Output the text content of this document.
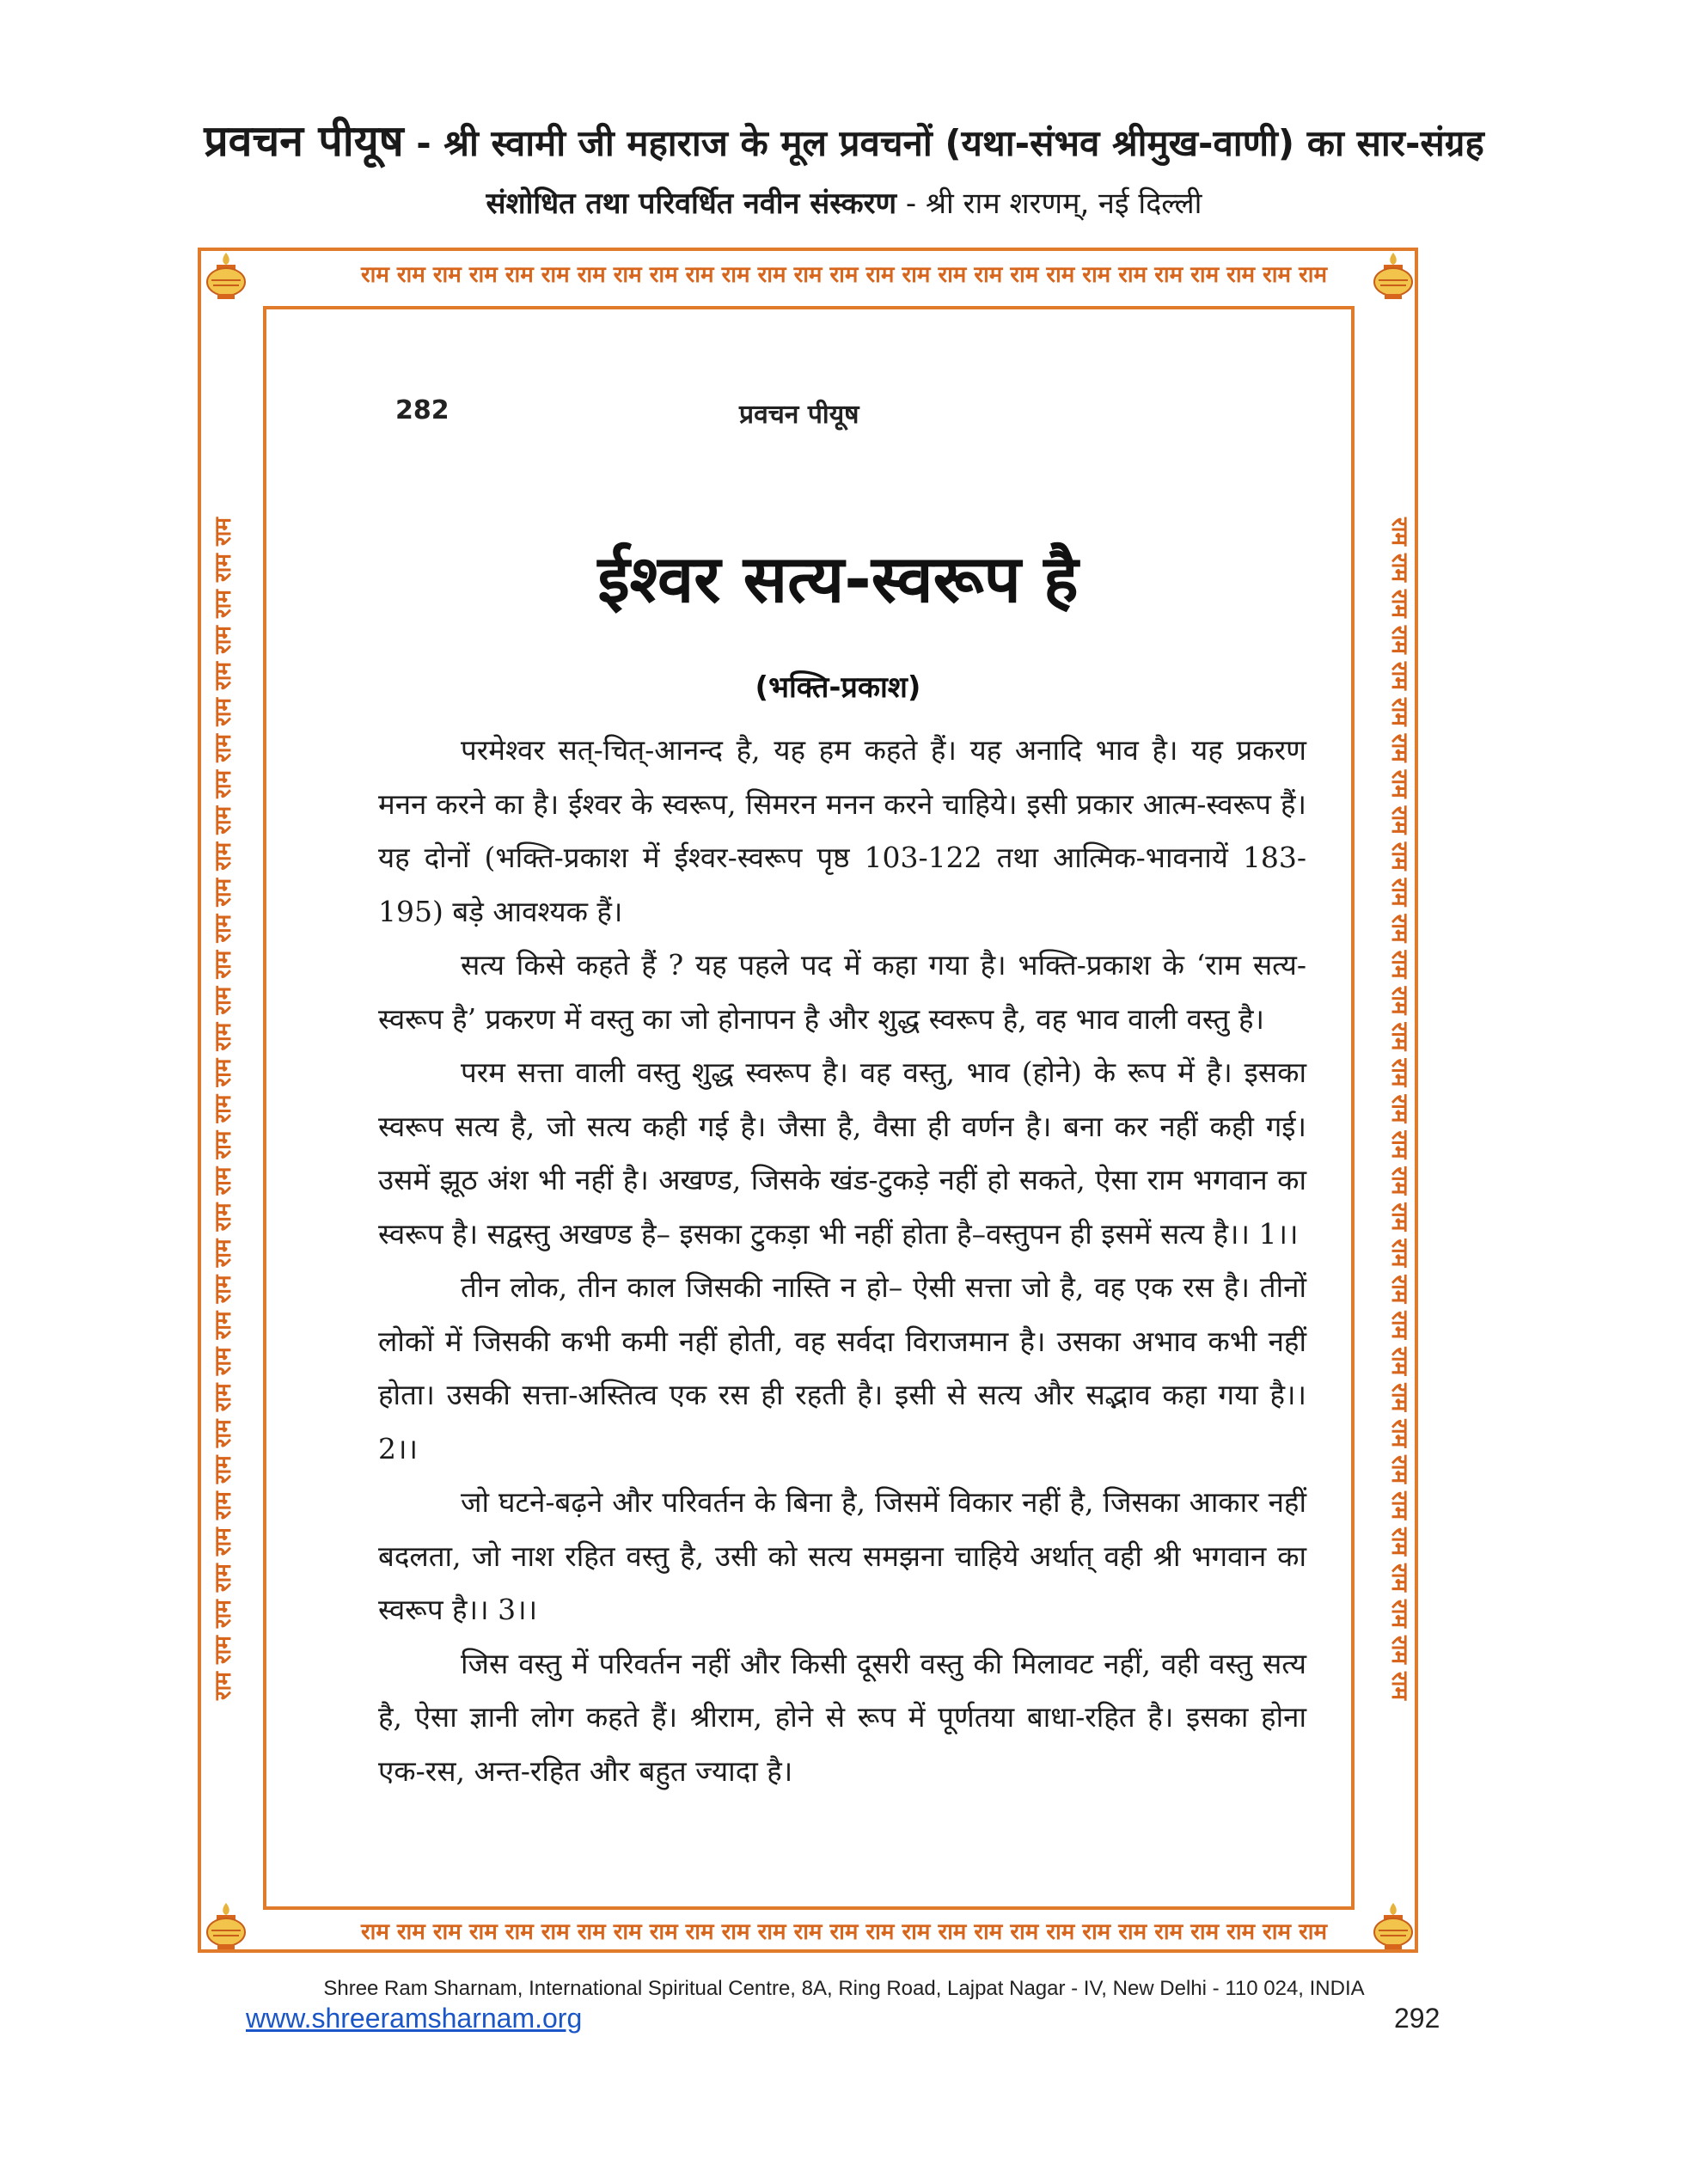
प्रवचन पीयूष - श्री स्वामी जी महाराज के मूल प्रवचनों (यथा-संभव श्रीमुख-वाणी) का सार-संग्रह
संशोधित तथा परिवर्धित नवीन संस्करण - श्री राम शरणम्, नई दिल्ली
राम राम राम राम राम राम राम राम राम राम राम राम राम राम राम राम राम राम राम राम राम राम राम राम राम राम राम
राम राम राम राम राम राम राम राम राम राम राम राम राम राम राम राम राम राम राम राम राम राम राम राम राम राम राम
राम राम राम राम राम राम राम राम राम राम राम राम राम राम राम राम राम राम राम राम राम राम राम राम राम राम राम राम राम राम राम राम राम	राम राम राम राम राम राम राम राम राम राम राम राम राम राम राम राम राम राम राम राम राम राम राम राम राम राम राम राम राम राम राम राम राम
282	प्रवचन पीयूष
ईश्वर सत्य-स्वरूप है
(भक्ति-प्रकाश)

परमेश्वर सत्-चित्-आनन्द है, यह हम कहते हैं। यह अनादि भाव है। यह प्रकरण मनन करने का है। ईश्वर के स्वरूप, सिमरन मनन करने चाहिये। इसी प्रकार आत्म-स्वरूप हैं। यह दोनों (भक्ति-प्रकाश में ईश्वर-स्वरूप पृष्ठ 103-122 तथा आत्मिक-भावनायें 183-195) बड़े आवश्यक हैं।

सत्य किसे कहते हैं ? यह पहले पद में कहा गया है। भक्ति-प्रकाश के ‘राम सत्य-स्वरूप है’ प्रकरण में वस्तु का जो होनापन है और शुद्ध स्वरूप है, वह भाव वाली वस्तु है।

परम सत्ता वाली वस्तु शुद्ध स्वरूप है। वह वस्तु, भाव (होने) के रूप में है। इसका स्वरूप सत्य है, जो सत्य कही गई है। जैसा है, वैसा ही वर्णन है। बना कर नहीं कही गई। उसमें झूठ अंश भी नहीं है। अखण्ड, जिसके खंड-टुकड़े नहीं हो सकते, ऐसा राम भगवान का स्वरूप है। सद्वस्तु अखण्ड है– इसका टुकड़ा भी नहीं होता है–वस्तुपन ही इसमें सत्य है।। 1।।

तीन लोक, तीन काल जिसकी नास्ति न हो– ऐसी सत्ता जो है, वह एक रस है। तीनों लोकों में जिसकी कभी कमी नहीं होती, वह सर्वदा विराजमान है। उसका अभाव कभी नहीं होता। उसकी सत्ता-अस्तित्व एक रस ही रहती है। इसी से सत्य और सद्भाव कहा गया है।। 2।।

जो घटने-बढ़ने और परिवर्तन के बिना है, जिसमें विकार नहीं है, जिसका आकार नहीं बदलता, जो नाश रहित वस्तु है, उसी को सत्य समझना चाहिये अर्थात् वही श्री भगवान का स्वरूप है।। 3।।

जिस वस्तु में परिवर्तन नहीं और किसी दूसरी वस्तु की मिलावट नहीं, वही वस्तु सत्य है, ऐसा ज्ञानी लोग कहते हैं। श्रीराम, होने से रूप में पूर्णतया बाधा-रहित है। इसका होना एक-रस, अन्त-रहित और बहुत ज्यादा है।

Shree Ram Sharnam, International Spiritual Centre, 8A, Ring Road, Lajpat Nagar - IV, New Delhi - 110 024, INDIA
www.shreeramsharnam.org	292
